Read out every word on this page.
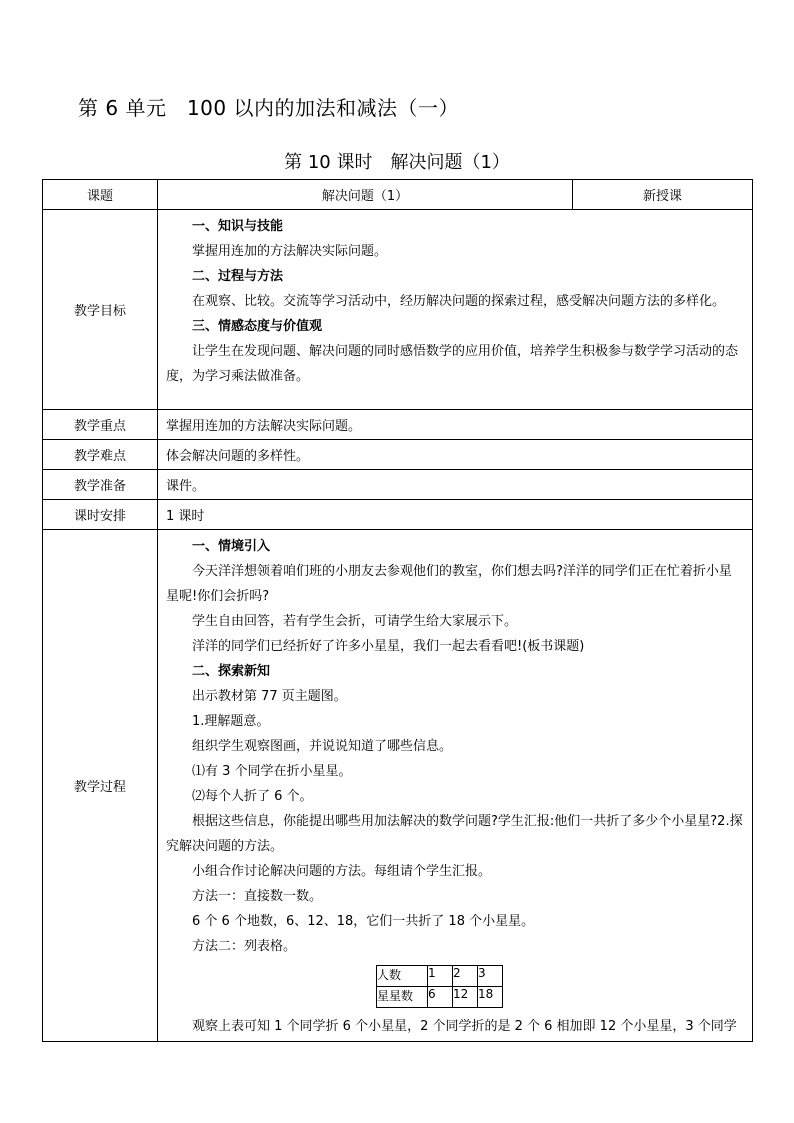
第 6 单元　100 以内的加法和减法（一）
第 10 课时　解决问题（1）
课题	解决问题（1）	新授课
教学目标	

一、知识与技能

掌握用连加的方法解决实际问题。

二、过程与方法

在观察、比较。交流等学习活动中，经历解决问题的探索过程，感受解决问题方法的多样化。

三、情感态度与价值观

让学生在发现问题、解决问题的同时感悟数学的应用价值，培养学生积极参与数学学习活动的态度，为学习乘法做准备。

教学重点	掌握用连加的方法解决实际问题。
教学难点	体会解决问题的多样性。
教学准备	课件。
课时安排	1 课时
教学过程	

一、情境引入

今天洋洋想领着咱们班的小朋友去参观他们的教室，你们想去吗?洋洋的同学们正在忙着折小星星呢!你们会折吗?

学生自由回答，若有学生会折，可请学生给大家展示下。

洋洋的同学们已经折好了许多小星星，我们一起去看看吧!(板书课题)

二、探索新知

出示教材第 77 页主题图。

1.理解题意。

组织学生观察图画，并说说知道了哪些信息。

⑴有 3 个同学在折小星星。

⑵每个人折了 6 个。

根据这些信息，你能提出哪些用加法解决的数学问题?学生汇报:他们一共折了多少个小星星?2.探究解决问题的方法。

小组合作讨论解决问题的方法。每组请个学生汇报。

方法一：直接数一数。

6 个 6 个地数，6、12、18，它们一共折了 18 个小星星。

方法二：列表格。

人数	1	2	3
星星数	6	12	18

观察上表可知 1 个同学折 6 个小星星，2 个同学折的是 2 个 6 相加即 12 个小星星，3 个同学
